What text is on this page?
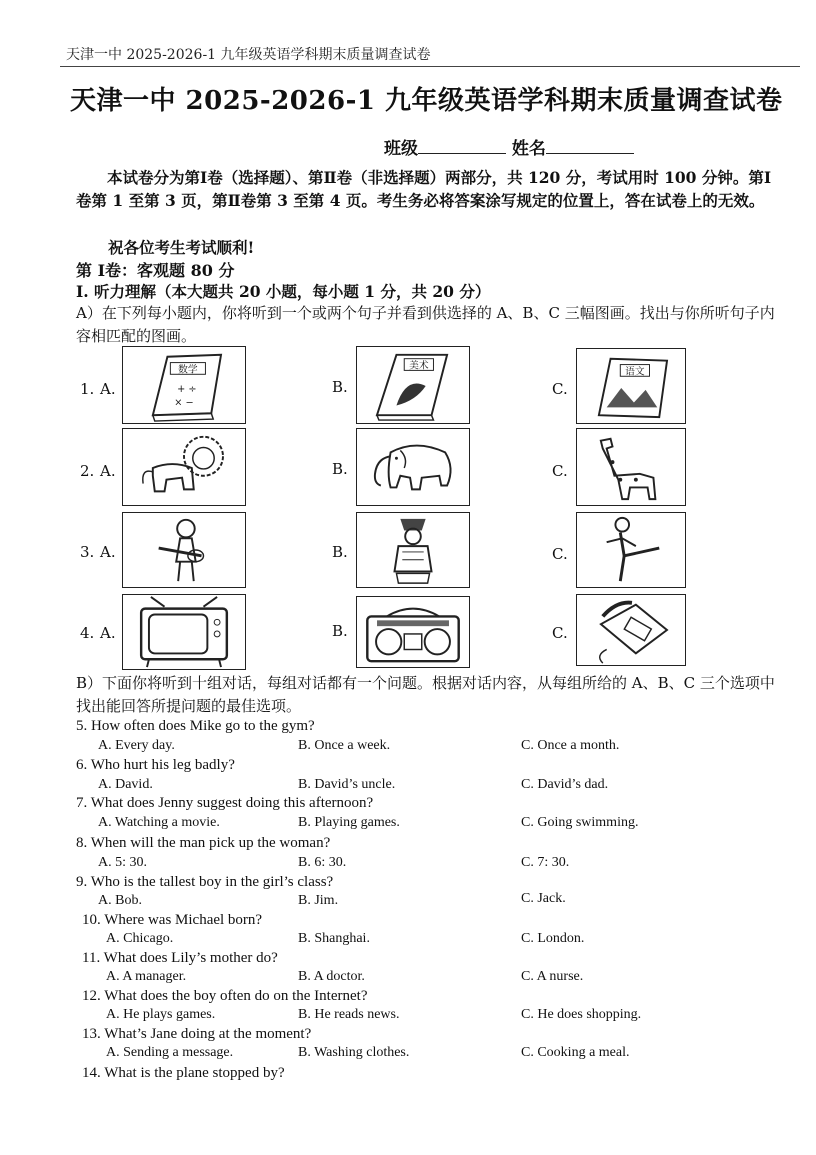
天津一中 2025-2026-1 九年级英语学科期末质量调查试卷
天津一中 2025-2026-1 九年级英语学科期末质量调查试卷
班级	姓名
本试卷分为第Ⅰ卷（选择题）、第Ⅱ卷（非选择题）两部分，共 120 分，考试用时 100 分钟。第Ⅰ卷第 1 至第 3 页，第Ⅱ卷第 3 至第 4 页。考生务必将答案涂写规定的位置上，答在试卷上的无效。
祝各位考生考试顺利!
第 Ⅰ卷：客观题 80 分
I. 听力理解（本大题共 20 小题，每小题 1 分，共 20 分）
A）在下列每小题内，你将听到一个或两个句子并看到供选择的 A、B、C 三幅图画。找出与你所听句子内容相匹配的图画。
1. A.
数学
+ ÷
× −
B.
美术
C.
语文
2. A.	B.	C.
3. A.	B.	C.
4. A.	B.	C.
B）下面你将听到十组对话，每组对话都有一个问题。根据对话内容，从每组所给的 A、B、C 三个选项中找出能回答所提问题的最佳选项。
5. How often does Mike go to the gym?
A. Every day.	B. Once a week.	C. Once a month.
6. Who hurt his leg badly?
A. David.	B. David’s uncle.	C. David’s dad.
7. What does Jenny suggest doing this afternoon?
A. Watching a movie.	B. Playing games.	C. Going swimming.
8. When will the man pick up the woman?
A. 5: 30.	B. 6: 30.	C. 7: 30.
9. Who is the tallest boy in the girl’s class?
A. Bob.	B. Jim.	C. Jack.
10. Where was Michael born?
A. Chicago.	B. Shanghai.	C. London.
11. What does Lily’s mother do?
A. A manager.	B. A doctor.	C. A nurse.
12. What does the boy often do on the Internet?
A. He plays games.	B. He reads news.	C. He does shopping.
13. What’s Jane doing at the moment?
A. Sending a message.	B. Washing clothes.	C. Cooking a meal.
14. What is the plane stopped by?
